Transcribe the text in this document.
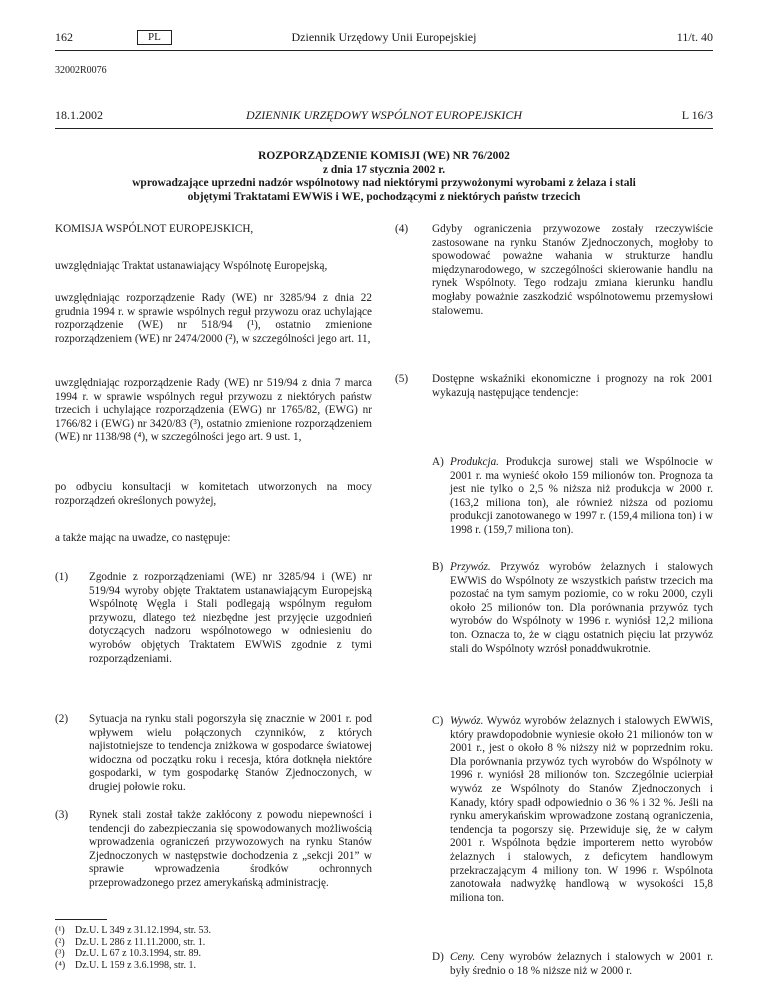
162	PL	Dziennik Urzędowy Unii Europejskiej	11/t. 40
32002R0076
18.1.2002	DZIENNIK URZĘDOWY WSPÓLNOT EUROPEJSKICH	L 16/3
ROZPORZĄDZENIE KOMISJI (WE) NR 76/2002
z dnia 17 stycznia 2002 r.
wprowadzające uprzedni nadzór wspólnotowy nad niektórymi przywożonymi wyrobami z żelaza i stali
objętymi Traktatami EWWiS i WE, pochodzącymi z niektórych państw trzecich
KOMISJA WSPÓLNOT EUROPEJSKICH,
uwzględniając Traktat ustanawiający Wspólnotę Europejską,
uwzględniając rozporządzenie Rady (WE) nr 3285/94 z dnia 22 grudnia 1994 r. w sprawie wspólnych reguł przywozu oraz uchylające rozporządzenie (WE) nr 518/94 (¹), ostatnio zmienione rozporządzeniem (WE) nr 2474/2000 (²), w szczególności jego art. 11,
uwzględniając rozporządzenie Rady (WE) nr 519/94 z dnia 7 marca 1994 r. w sprawie wspólnych reguł przywozu z niektórych państw trzecich i uchylające rozporządzenia (EWG) nr 1765/82, (EWG) nr 1766/82 i (EWG) nr 3420/83 (³), ostatnio zmienione rozporządzeniem (WE) nr 1138/98 (⁴), w szczególności jego art. 9 ust. 1,
po odbyciu konsultacji w komitetach utworzonych na mocy rozporządzeń określonych powyżej,
a także mając na uwadze, co następuje:
(1) Zgodnie z rozporządzeniami (WE) nr 3285/94 i (WE) nr 519/94 wyroby objęte Traktatem ustanawiającym Europejską Wspólnotę Węgla i Stali podlegają wspólnym regułom przywozu, dlatego też niezbędne jest przyjęcie uzgodnień dotyczących nadzoru wspólnotowego w odniesieniu do wyrobów objętych Traktatem EWWiS zgodnie z tymi rozporządzeniami.
(2) Sytuacja na rynku stali pogorszyła się znacznie w 2001 r. pod wpływem wielu połączonych czynników, z których najistotniejsze to tendencja zniżkowa w gospodarce światowej widoczna od początku roku i recesja, która dotknęła niektóre gospodarki, w tym gospodarkę Stanów Zjednoczonych, w drugiej połowie roku.
(3) Rynek stali został także zakłócony z powodu niepewności i tendencji do zabezpieczania się spowodowanych możliwością wprowadzenia ograniczeń przywozowych na rynku Stanów Zjednoczonych w następstwie dochodzenia z „sekcji 201” w sprawie wprowadzenia środków ochronnych przeprowadzonego przez amerykańską administrację.
(¹) Dz.U. L 349 z 31.12.1994, str. 53.
(²) Dz.U. L 286 z 11.11.2000, str. 1.
(³) Dz.U. L 67 z 10.3.1994, str. 89.
(⁴) Dz.U. L 159 z 3.6.1998, str. 1.
(4) Gdyby ograniczenia przywozowe zostały rzeczywiście zastosowane na rynku Stanów Zjednoczonych, mogłoby to spowodować poważne wahania w strukturze handlu międzynarodowego, w szczególności skierowanie handlu na rynek Wspólnoty. Tego rodzaju zmiana kierunku handlu mogłaby poważnie zaszkodzić wspólnotowemu przemysłowi stalowemu.
(5) Dostępne wskaźniki ekonomiczne i prognozy na rok 2001 wykazują następujące tendencje:
A) Produkcja. Produkcja surowej stali we Wspólnocie w 2001 r. ma wynieść około 159 milionów ton. Prognoza ta jest nie tylko o 2,5 % niższa niż produkcja w 2000 r. (163,2 miliona ton), ale również niższa od poziomu produkcji zanotowanego w 1997 r. (159,4 miliona ton) i w 1998 r. (159,7 miliona ton).
B) Przywóz. Przywóz wyrobów żelaznych i stalowych EWWiS do Wspólnoty ze wszystkich państw trzecich ma pozostać na tym samym poziomie, co w roku 2000, czyli około 25 milionów ton. Dla porównania przywóz tych wyrobów do Wspólnoty w 1996 r. wyniósł 12,2 miliona ton. Oznacza to, że w ciągu ostatnich pięciu lat przywóz stali do Wspólnoty wzrósł ponaddwukrotnie.
C) Wywóz. Wywóz wyrobów żelaznych i stalowych EWWiS, który prawdopodobnie wyniesie około 21 milionów ton w 2001 r., jest o około 8 % niższy niż w poprzednim roku. Dla porównania przywóz tych wyrobów do Wspólnoty w 1996 r. wyniósł 28 milionów ton. Szczególnie ucierpiał wywóz ze Wspólnoty do Stanów Zjednoczonych i Kanady, który spadł odpowiednio o 36 % i 32 %. Jeśli na rynku amerykańskim wprowadzone zostaną ograniczenia, tendencja ta pogorszy się. Przewiduje się, że w całym 2001 r. Wspólnota będzie importerem netto wyrobów żelaznych i stalowych, z deficytem handlowym przekraczającym 4 miliony ton. W 1996 r. Wspólnota zanotowała nadwyżkę handlową w wysokości 15,8 miliona ton.
D) Ceny. Ceny wyrobów żelaznych i stalowych w 2001 r. były średnio o 18 % niższe niż w 2000 r.
